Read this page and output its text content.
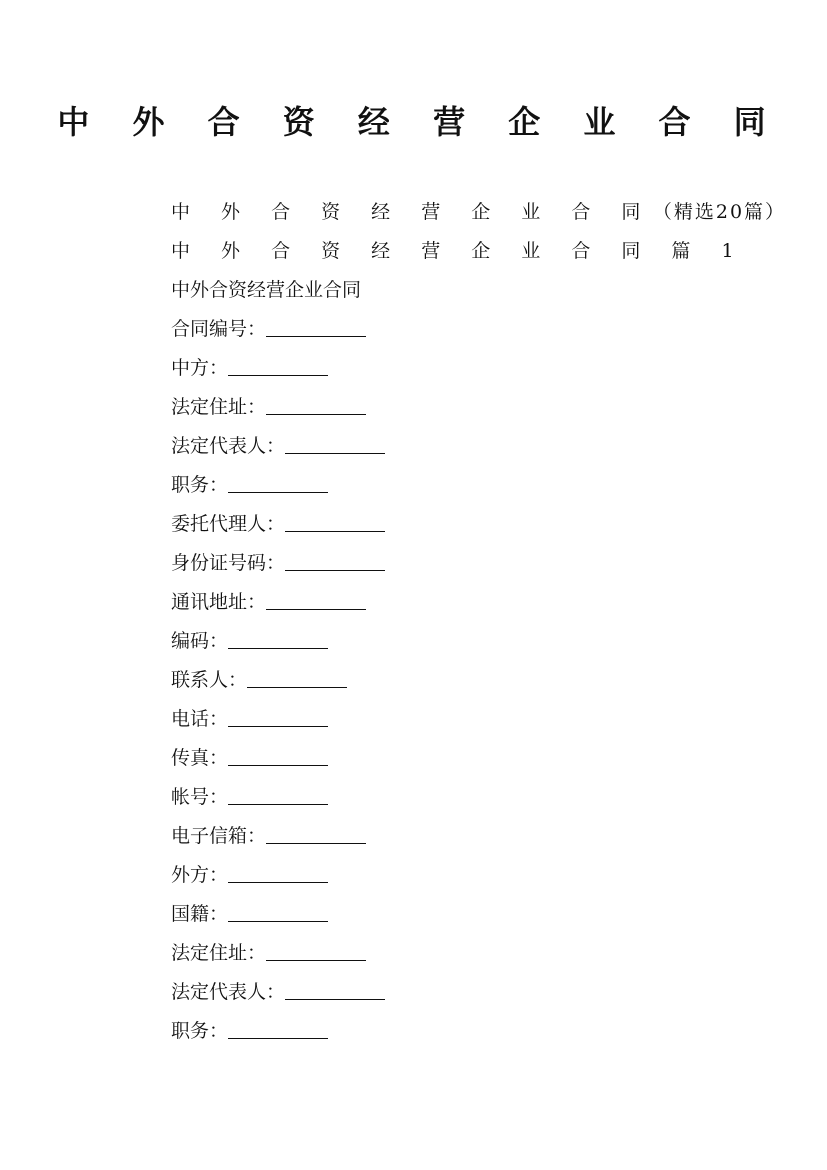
中 外 合 资 经 营 企 业 合 同
中 外 合 资 经 营 企 业 合 同（精选20篇）
中 外 合 资 经 营 企 业 合 同 篇 1
中外合资经营企业合同
合同编号：
中方：
法定住址：
法定代表人：
职务：
委托代理人：
身份证号码：
通讯地址：
编码：
联系人：
电话：
传真：
帐号：
电子信箱：
外方：
国籍：
法定住址：
法定代表人：
职务：
